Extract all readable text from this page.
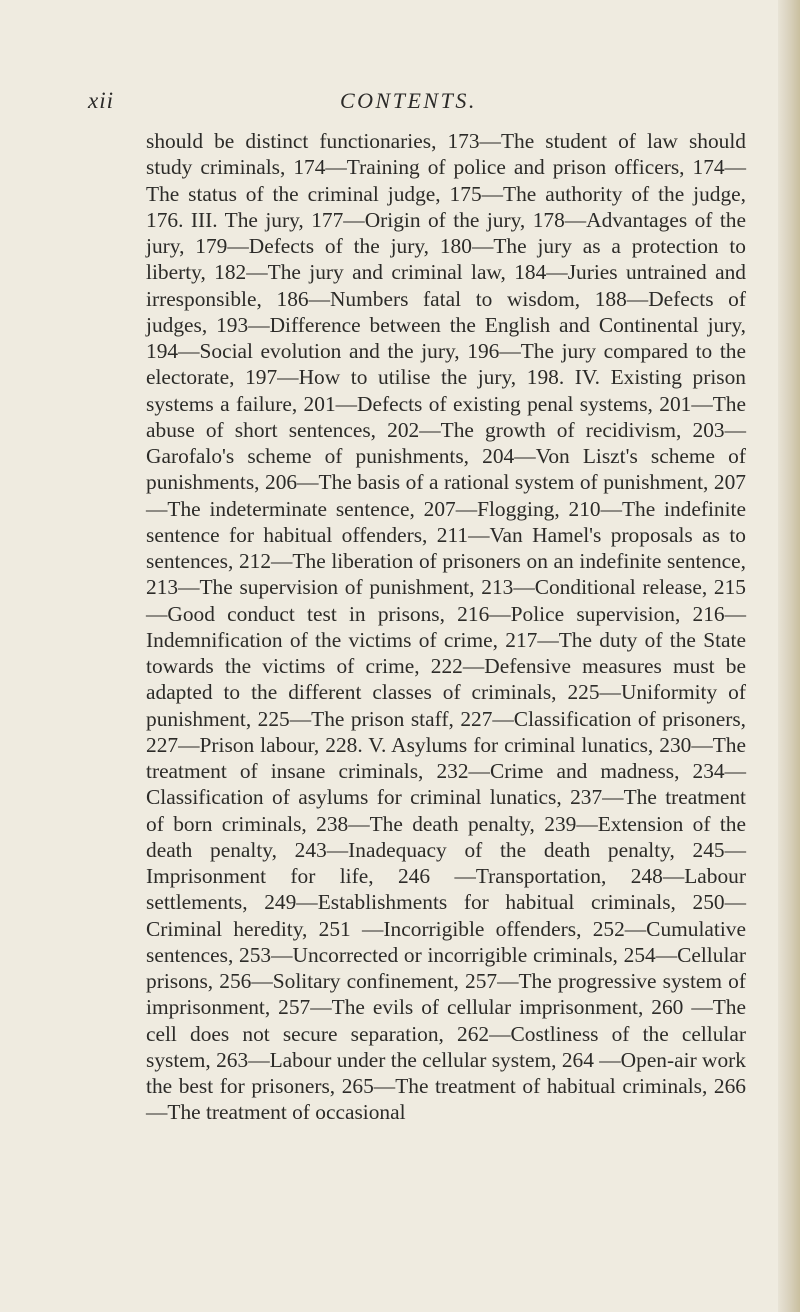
xii	CONTENTS.

should be distinct functionaries, 173—The student of law should study criminals, 174—Training of police and prison officers, 174—The status of the criminal judge, 175—The authority of the judge, 176. III. The jury, 177—Origin of the jury, 178—Advantages of the jury, 179—Defects of the jury, 180—The jury as a protection to liberty, 182—The jury and criminal law, 184—Juries untrained and irresponsible, 186—Numbers fatal to wisdom, 188—Defects of judges, 193—Difference between the English and Continental jury, 194—Social evolution and the jury, 196—The jury compared to the electorate, 197—How to utilise the jury, 198. IV. Existing prison systems a failure, 201—Defects of existing penal systems, 201—The abuse of short sentences, 202—The growth of recidivism, 203—Garofalo's scheme of punishments, 204—Von Liszt's scheme of punishments, 206—The basis of a rational system of punishment, 207—The indeterminate sentence, 207—Flogging, 210—The indefinite sentence for habitual offenders, 211—Van Hamel's proposals as to sentences, 212—The liberation of prisoners on an indefinite sentence, 213—The supervision of punishment, 213—Conditional release, 215—Good conduct test in prisons, 216—Police supervision, 216—Indemnification of the victims of crime, 217—The duty of the State towards the victims of crime, 222—Defensive measures must be adapted to the different classes of criminals, 225—Uniformity of punishment, 225—The prison staff, 227—Classification of prisoners, 227—Prison labour, 228. V. Asylums for criminal lunatics, 230—The treatment of insane criminals, 232—Crime and madness, 234—Classification of asylums for criminal lunatics, 237—The treatment of born criminals, 238—The death penalty, 239—Extension of the death penalty, 243—Inadequacy of the death penalty, 245—Imprisonment for life, 246 —Transportation, 248—Labour settlements, 249—Establishments for habitual criminals, 250—Criminal heredity, 251 —Incorrigible offenders, 252—Cumulative sentences, 253—Uncorrected or incorrigible criminals, 254—Cellular prisons, 256—Solitary confinement, 257—The progressive system of imprisonment, 257—The evils of cellular imprisonment, 260 —The cell does not secure separation, 262—Costliness of the cellular system, 263—Labour under the cellular system, 264 —Open-air work the best for prisoners, 265—The treatment of habitual criminals, 266—The treatment of occasional
